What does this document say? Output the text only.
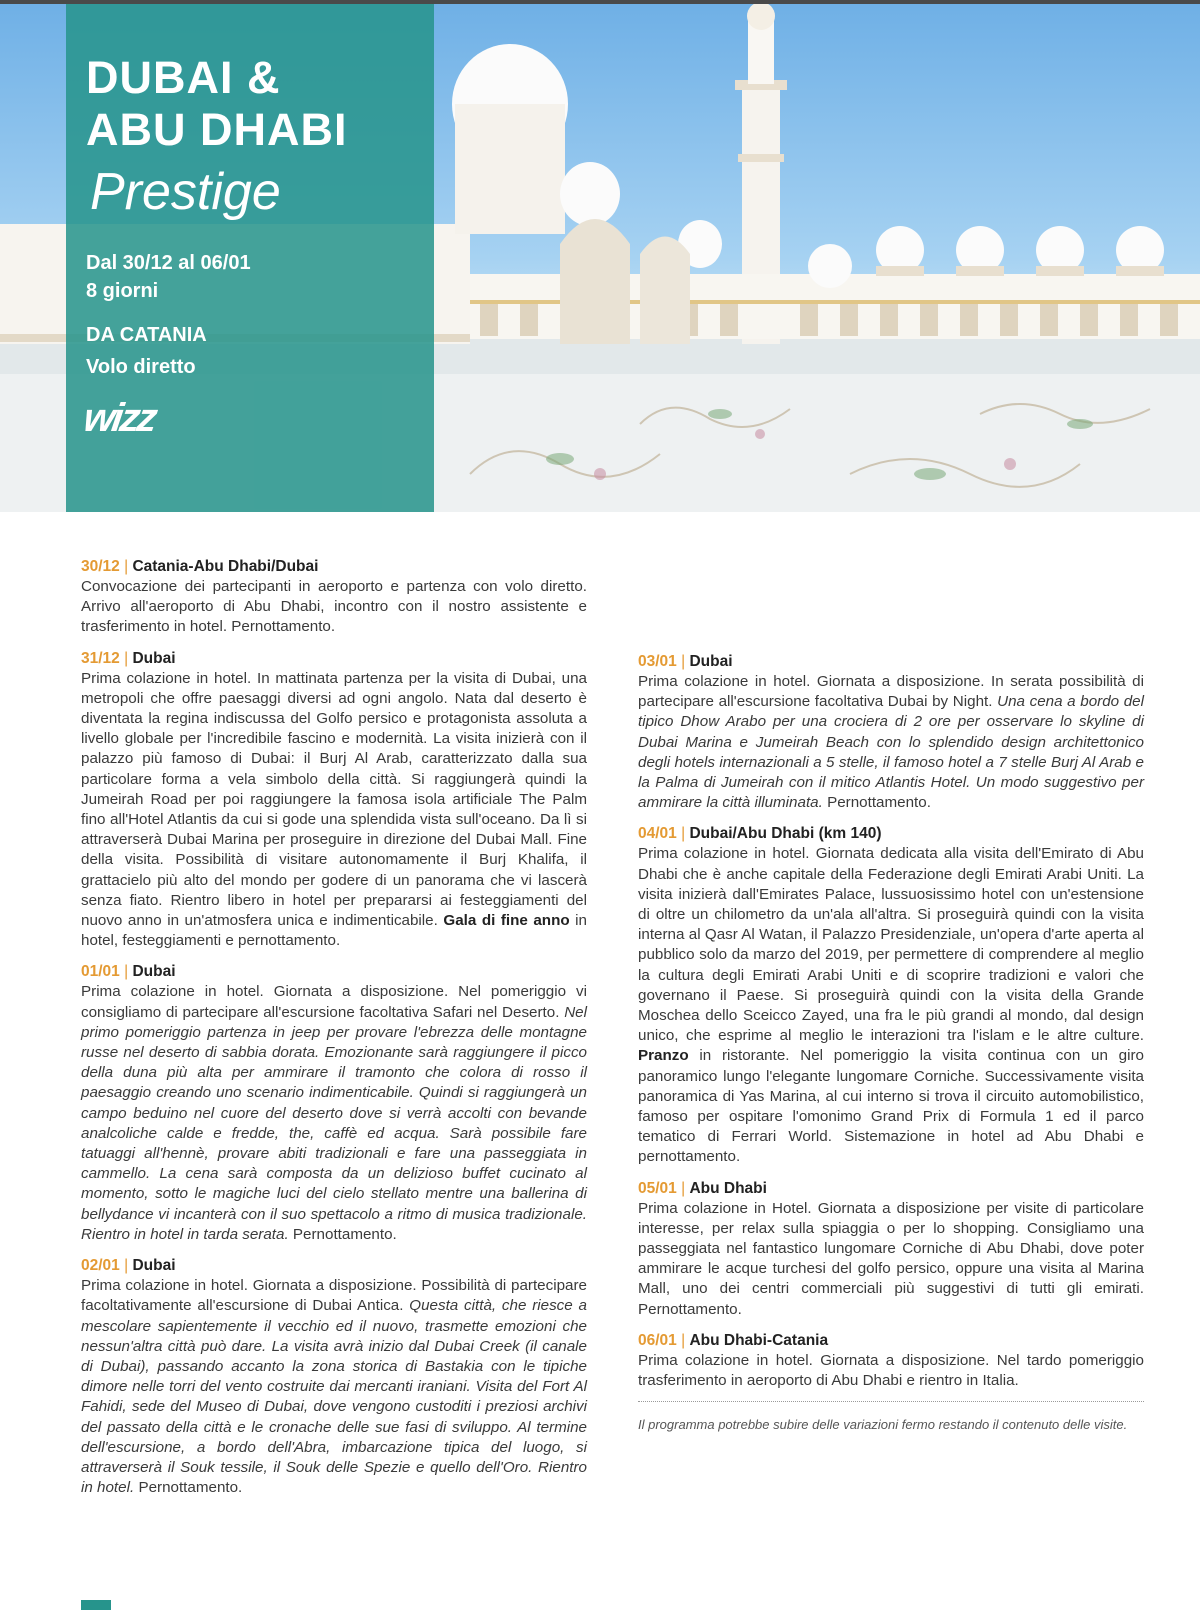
DUBAI &
ABU DHABI
Prestige
Dal 30/12 al 06/01
8 giorni
DA CATANIA
Volo diretto
wizz
30/12 | Catania-Abu Dhabi/Dubai
Convocazione dei partecipanti in aeroporto e partenza con volo diretto. Arrivo all'aeroporto di Abu Dhabi, incontro con il nostro assistente e trasferimento in hotel. Pernottamento.
31/12 | Dubai
Prima colazione in hotel. In mattinata partenza per la visita di Dubai, una metropoli che offre paesaggi diversi ad ogni angolo. Nata dal deserto è diventata la regina indiscussa del Golfo persico e protagonista assoluta a livello globale per l'incredibile fascino e modernità. La visita inizierà con il palazzo più famoso di Dubai: il Burj Al Arab, caratterizzato dalla sua particolare forma a vela simbolo della città. Si raggiungerà quindi la Jumeirah Road per poi raggiungere la famosa isola artificiale The Palm fino all'Hotel Atlantis da cui si gode una splendida vista sull'oceano. Da lì si attraverserà Dubai Marina per proseguire in direzione del Dubai Mall. Fine della visita. Possibilità di visitare autonomamente il Burj Khalifa, il grattacielo più alto del mondo per godere di un panorama che vi lascerà senza fiato. Rientro libero in hotel per prepararsi ai festeggiamenti del nuovo anno in un'atmosfera unica e indimenticabile. Gala di fine anno in hotel, festeggiamenti e pernottamento.
01/01 | Dubai
Prima colazione in hotel. Giornata a disposizione. Nel pomeriggio vi consigliamo di partecipare all'escursione facoltativa Safari nel Deserto. Nel primo pomeriggio partenza in jeep per provare l'ebrezza delle montagne russe nel deserto di sabbia dorata. Emozionante sarà raggiungere il picco della duna più alta per ammirare il tramonto che colora di rosso il paesaggio creando uno scenario indimenticabile. Quindi si raggiungerà un campo beduino nel cuore del deserto dove si verrà accolti con bevande analcoliche calde e fredde, the, caffè ed acqua. Sarà possibile fare tatuaggi all'hennè, provare abiti tradizionali e fare una passeggiata in cammello. La cena sarà composta da un delizioso buffet cucinato al momento, sotto le magiche luci del cielo stellato mentre una ballerina di bellydance vi incanterà con il suo spettacolo a ritmo di musica tradizionale. Rientro in hotel in tarda serata. Pernottamento.
02/01 | Dubai
Prima colazione in hotel. Giornata a disposizione. Possibilità di partecipare facoltativamente all'escursione di Dubai Antica. Questa città, che riesce a mescolare sapientemente il vecchio ed il nuovo, trasmette emozioni che nessun'altra città può dare. La visita avrà inizio dal Dubai Creek (il canale di Dubai), passando accanto la zona storica di Bastakia con le tipiche dimore nelle torri del vento costruite dai mercanti iraniani. Visita del Fort Al Fahidi, sede del Museo di Dubai, dove vengono custoditi i preziosi archivi del passato della città e le cronache delle sue fasi di sviluppo. Al termine dell'escursione, a bordo dell'Abra, imbarcazione tipica del luogo, si attraverserà il Souk tessile, il Souk delle Spezie e quello dell'Oro. Rientro in hotel. Pernottamento.
03/01 | Dubai
Prima colazione in hotel. Giornata a disposizione. In serata possibilità di partecipare all'escursione facoltativa Dubai by Night. Una cena a bordo del tipico Dhow Arabo per una crociera di 2 ore per osservare lo skyline di Dubai Marina e Jumeirah Beach con lo splendido design architettonico degli hotels internazionali a 5 stelle, il famoso hotel a 7 stelle Burj Al Arab e la Palma di Jumeirah con il mitico Atlantis Hotel. Un modo suggestivo per ammirare la città illuminata. Pernottamento.
04/01 | Dubai/Abu Dhabi (km 140)
Prima colazione in hotel. Giornata dedicata alla visita dell'Emirato di Abu Dhabi che è anche capitale della Federazione degli Emirati Arabi Uniti. La visita inizierà dall'Emirates Palace, lussuosissimo hotel con un'estensione di oltre un chilometro da un'ala all'altra. Si proseguirà quindi con la visita interna al Qasr Al Watan, il Palazzo Presidenziale, un'opera d'arte aperta al pubblico solo da marzo del 2019, per permettere di comprendere al meglio la cultura degli Emirati Arabi Uniti e di scoprire tradizioni e valori che governano il Paese. Si proseguirà quindi con la visita della Grande Moschea dello Sceicco Zayed, una fra le più grandi al mondo, dal design unico, che esprime al meglio le interazioni tra l'islam e le altre culture. Pranzo in ristorante. Nel pomeriggio la visita continua con un giro panoramico lungo l'elegante lungomare Corniche. Successivamente visita panoramica di Yas Marina, al cui interno si trova il circuito automobilistico, famoso per ospitare l'omonimo Grand Prix di Formula 1 ed il parco tematico di Ferrari World. Sistemazione in hotel ad Abu Dhabi e pernottamento.
05/01 | Abu Dhabi
Prima colazione in Hotel. Giornata a disposizione per visite di particolare interesse, per relax sulla spiaggia o per lo shopping. Consigliamo una passeggiata nel fantastico lungomare Corniche di Abu Dhabi, dove poter ammirare le acque turchesi del golfo persico, oppure una visita al Marina Mall, uno dei centri commerciali più suggestivi di tutti gli emirati. Pernottamento.
06/01 | Abu Dhabi-Catania
Prima colazione in hotel. Giornata a disposizione. Nel tardo pomeriggio trasferimento in aeroporto di Abu Dhabi e rientro in Italia.
Il programma potrebbe subire delle variazioni fermo restando il contenuto delle visite.
